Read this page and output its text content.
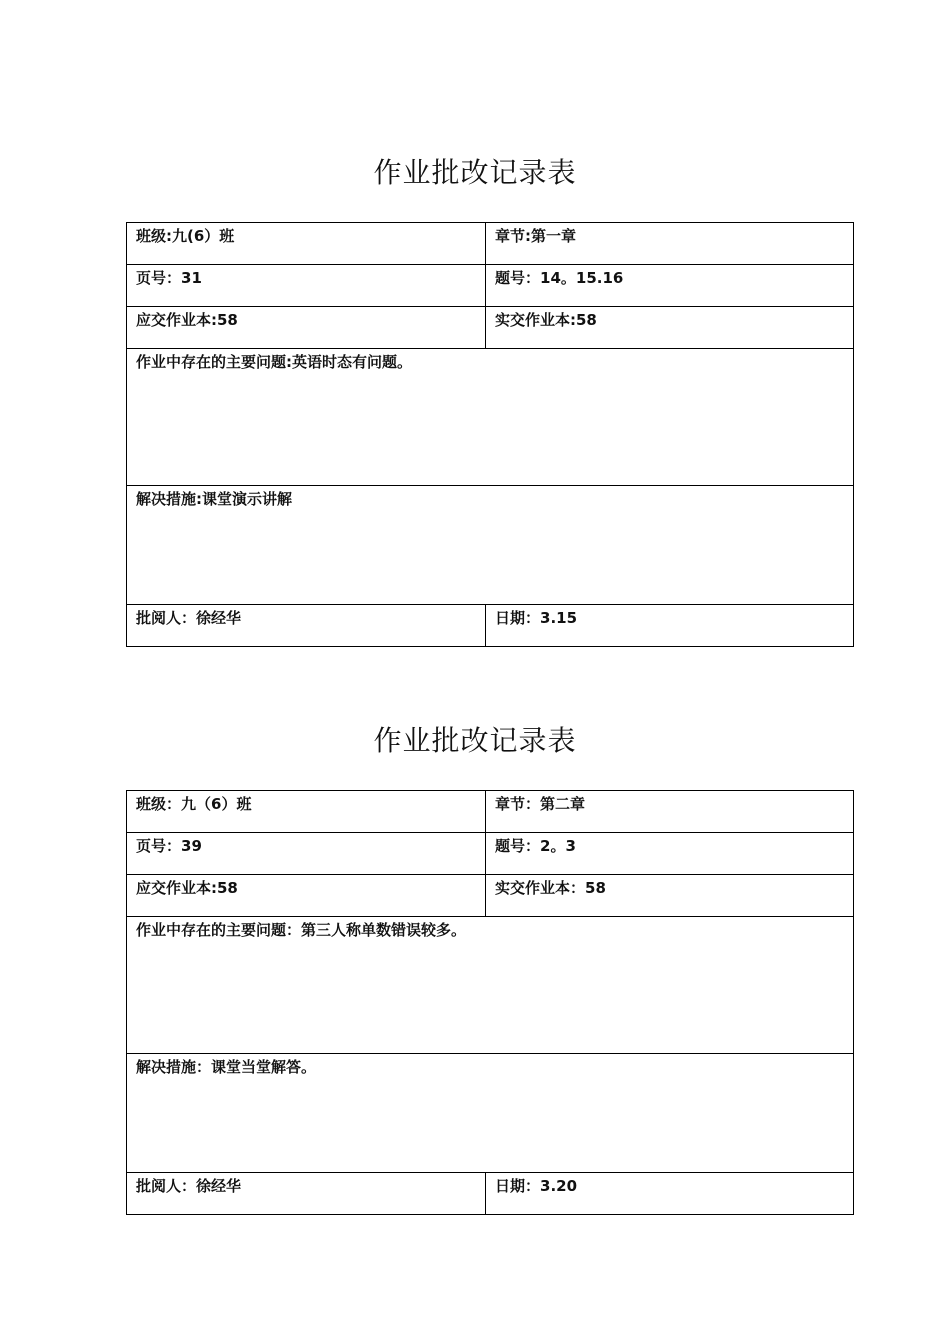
作业批改记录表
班级:九(6）班	章节:第一章
页号：31	题号：14。15.16
应交作业本:58	实交作业本:58
作业中存在的主要问题:英语时态有问题。	
解决措施:课堂演示讲解	
批阅人：徐经华	日期：3.15
作业批改记录表
班级：九（6）班	章节：第二章
页号：39	题号：2。3
应交作业本:58	实交作业本：58
作业中存在的主要问题：第三人称单数错误较多。	
解决措施：课堂当堂解答。	
批阅人：徐经华	日期：3.20
